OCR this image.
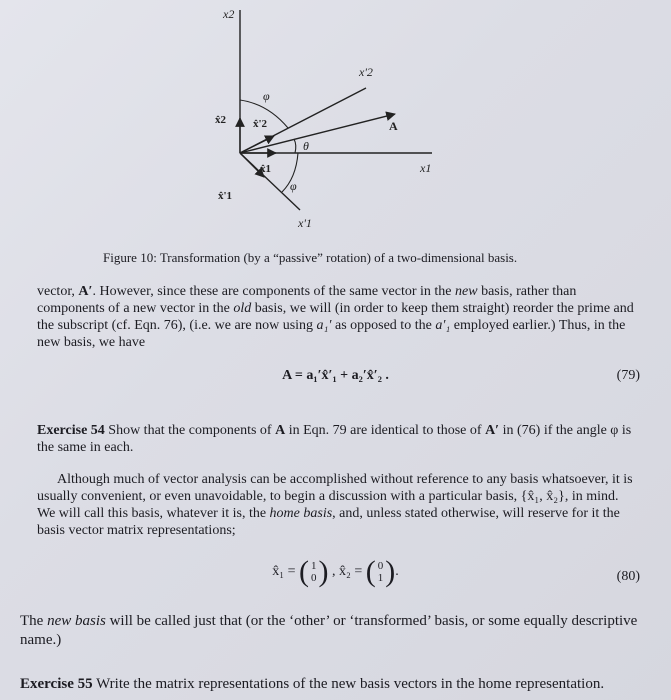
x2
x'2
φ
x̂2 x̂'2	A
θ
x̂1	x1
φ
x̂'1
x'1
Figure 10: Transformation (by a “passive” rotation) of a two-dimensional basis.
vector, A′. However, since these are components of the same vector in the new basis, rather than components of a new vector in the old basis, we will (in order to keep them straight) reorder the prime and the subscript (cf. Eqn. 76), (i.e. we are now using a₁′ as opposed to the a′₁ employed earlier.) Thus, in the new basis, we have
A = a₁′x̂′₁ + a₂′x̂′₂ .	(79)
Exercise 54 Show that the components of A in Eqn. 79 are identical to those of A′ in (76) if the angle φ is the same in each.
Although much of vector analysis can be accomplished without reference to any basis whatsoever, it is usually convenient, or even unavoidable, to begin a discussion with a particular basis, {x̂₁, x̂₂}, in mind. We will call this basis, whatever it is, the home basis, and, unless stated otherwise, will reserve for it the basis vector matrix representations;
x̂₁ = ( 1
0) , x̂₂ = ( 0
1).	(80)
The new basis will be called just that (or the ‘other’ or ‘transformed’ basis, or some equally descriptive name.)
Exercise 55 Write the matrix representations of the new basis vectors in the home representation.
